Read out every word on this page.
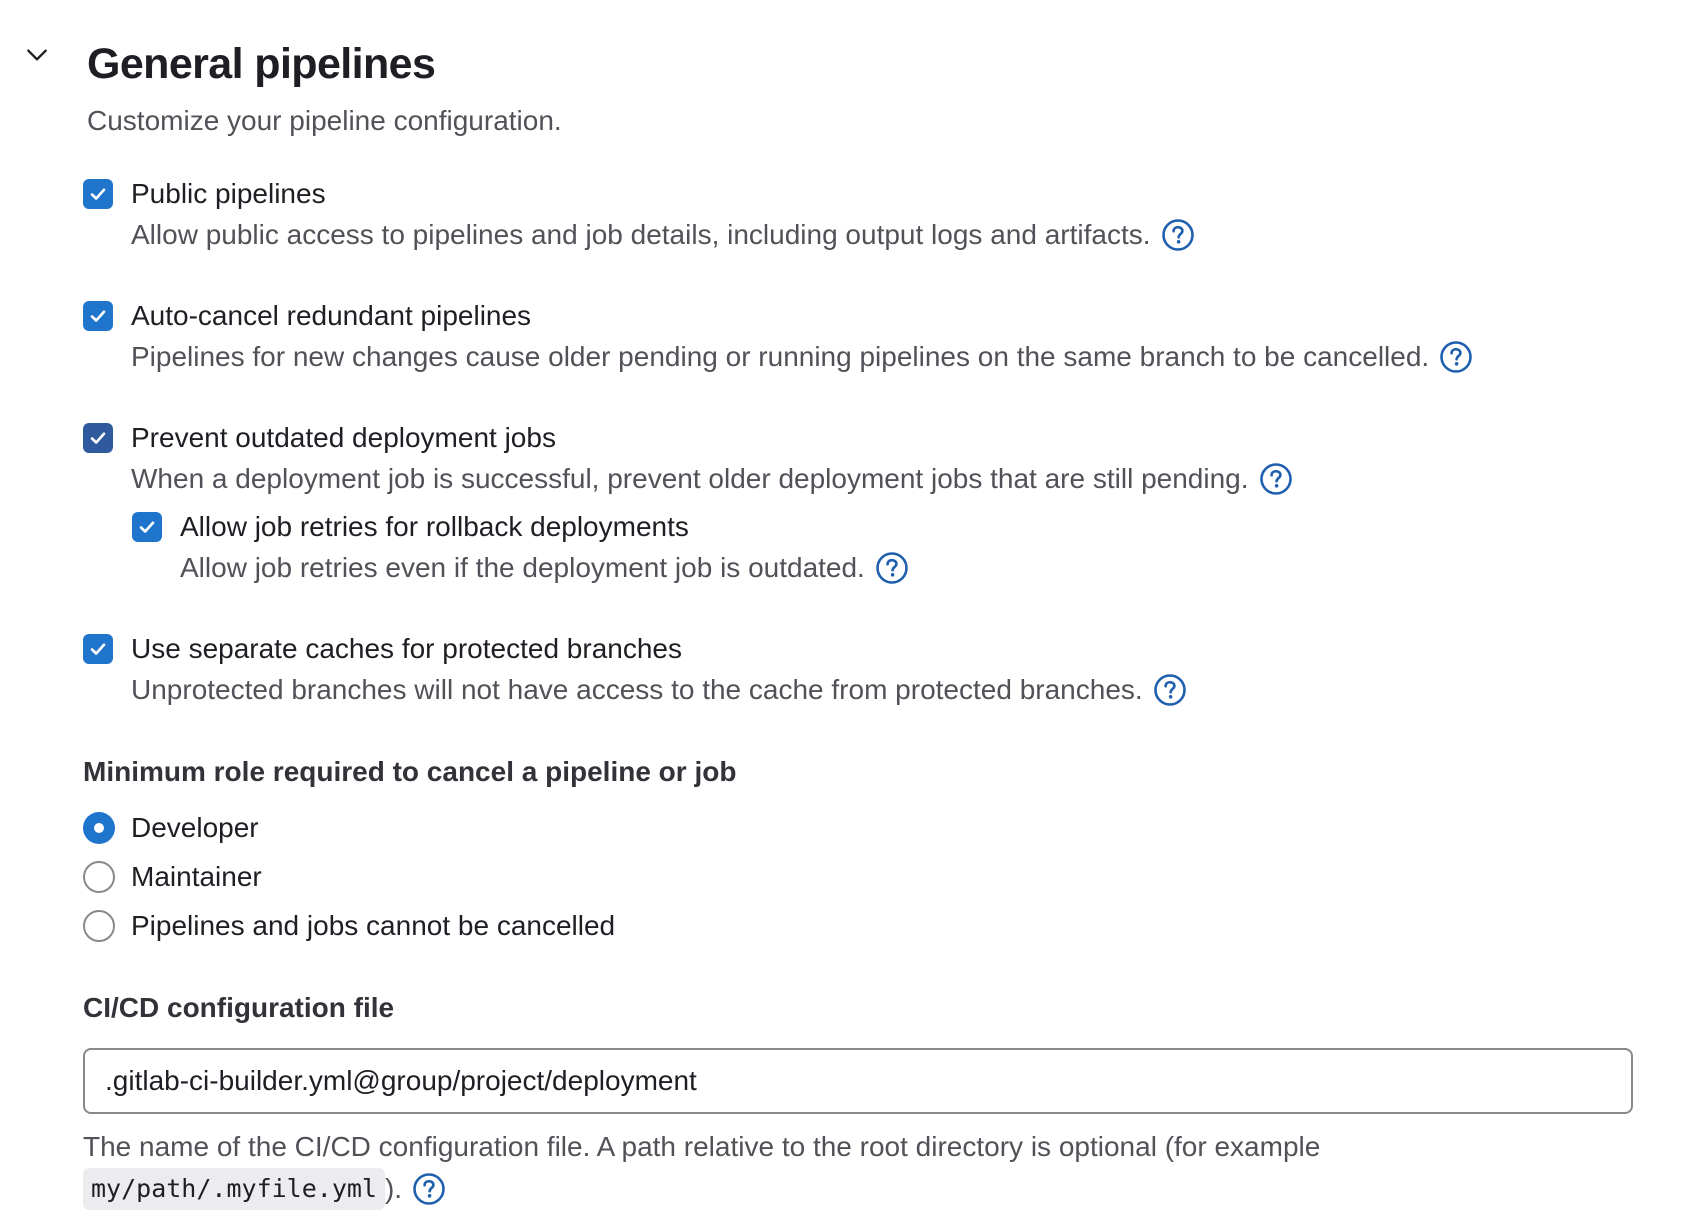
General pipelines

Customize your pipeline configuration.

Public pipelines
Allow public access to pipelines and job details, including output logs and artifacts.
Auto-cancel redundant pipelines
Pipelines for new changes cause older pending or running pipelines on the same branch to be cancelled.
Prevent outdated deployment jobs
When a deployment job is successful, prevent older deployment jobs that are still pending.
Allow job retries for rollback deployments
Allow job retries even if the deployment job is outdated.
Use separate caches for protected branches
Unprotected branches will not have access to the cache from protected branches.
Minimum role required to cancel a pipeline or job
Developer
Maintainer
Pipelines and jobs cannot be cancelled
CI/CD configuration file
.gitlab-ci-builder.yml@group/project/deployment
The name of the CI/CD configuration file. A path relative to the root directory is optional (for example
my/path/.myfile.yml ).
